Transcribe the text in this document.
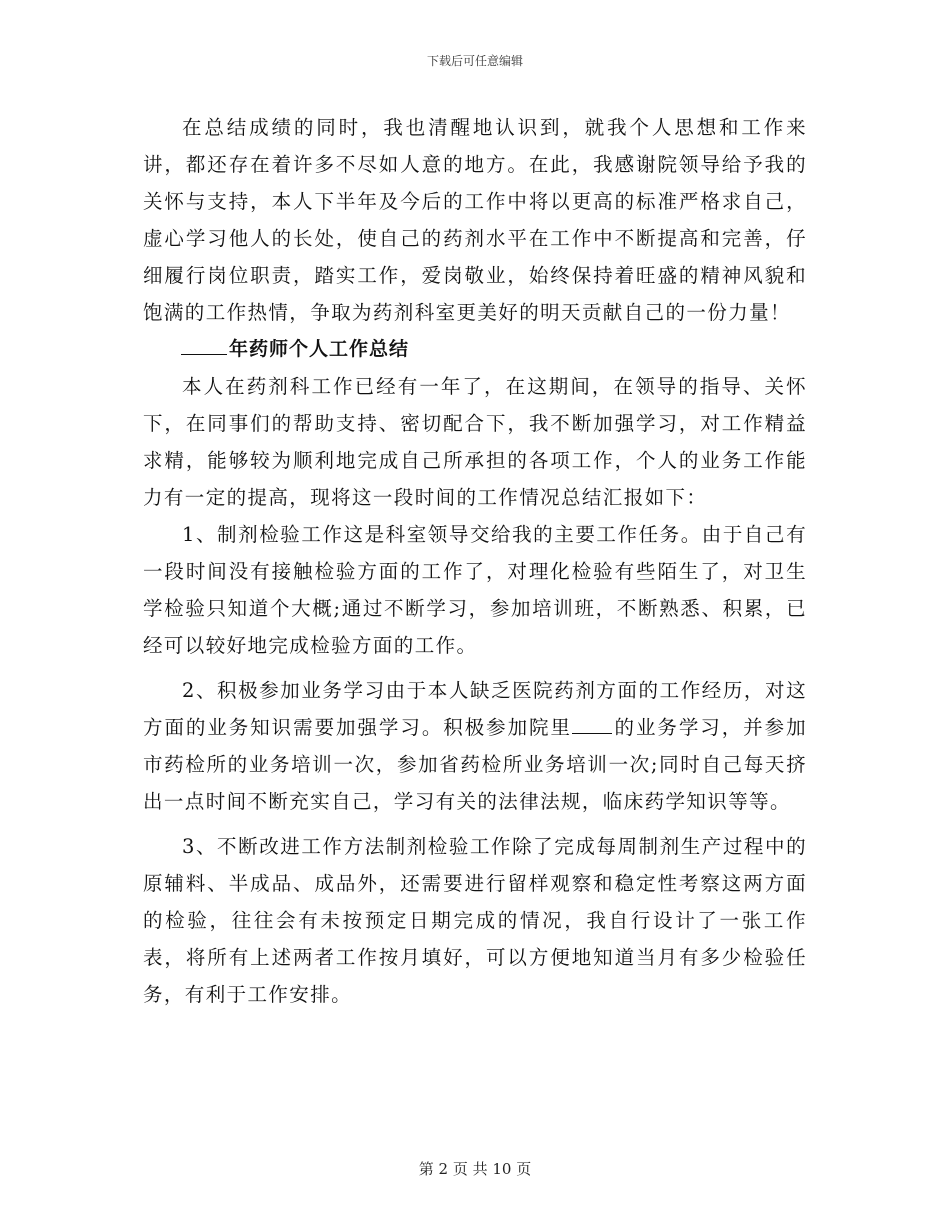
下载后可任意编辑

在总结成绩的同时，我也清醒地认识到，就我个人思想和工作来讲，都还存在着许多不尽如人意的地方。在此，我感谢院领导给予我的关怀与支持，本人下半年及今后的工作中将以更高的标准严格求自己，虚心学习他人的长处，使自己的药剂水平在工作中不断提高和完善，仔细履行岗位职责，踏实工作，爱岗敬业，始终保持着旺盛的精神风貌和饱满的工作热情，争取为药剂科室更美好的明天贡献自己的一份力量！

年药师个人工作总结

本人在药剂科工作已经有一年了，在这期间，在领导的指导、关怀下，在同事们的帮助支持、密切配合下，我不断加强学习，对工作精益求精，能够较为顺利地完成自己所承担的各项工作，个人的业务工作能力有一定的提高，现将这一段时间的工作情况总结汇报如下：

1、制剂检验工作这是科室领导交给我的主要工作任务。由于自己有一段时间没有接触检验方面的工作了，对理化检验有些陌生了，对卫生学检验只知道个大概;通过不断学习，参加培训班，不断熟悉、积累，已经可以较好地完成检验方面的工作。

2、积极参加业务学习由于本人缺乏医院药剂方面的工作经历，对这方面的业务知识需要加强学习。积极参加院里 的业务学习，并参加市药检所的业务培训一次，参加省药检所业务培训一次;同时自己每天挤出一点时间不断充实自己，学习有关的法律法规，临床药学知识等等。

3、不断改进工作方法制剂检验工作除了完成每周制剂生产过程中的原辅料、半成品、成品外，还需要进行留样观察和稳定性考察这两方面的检验，往往会有未按预定日期完成的情况，我自行设计了一张工作表，将所有上述两者工作按月填好，可以方便地知道当月有多少检验任务，有利于工作安排。

第 2 页 共 10 页
